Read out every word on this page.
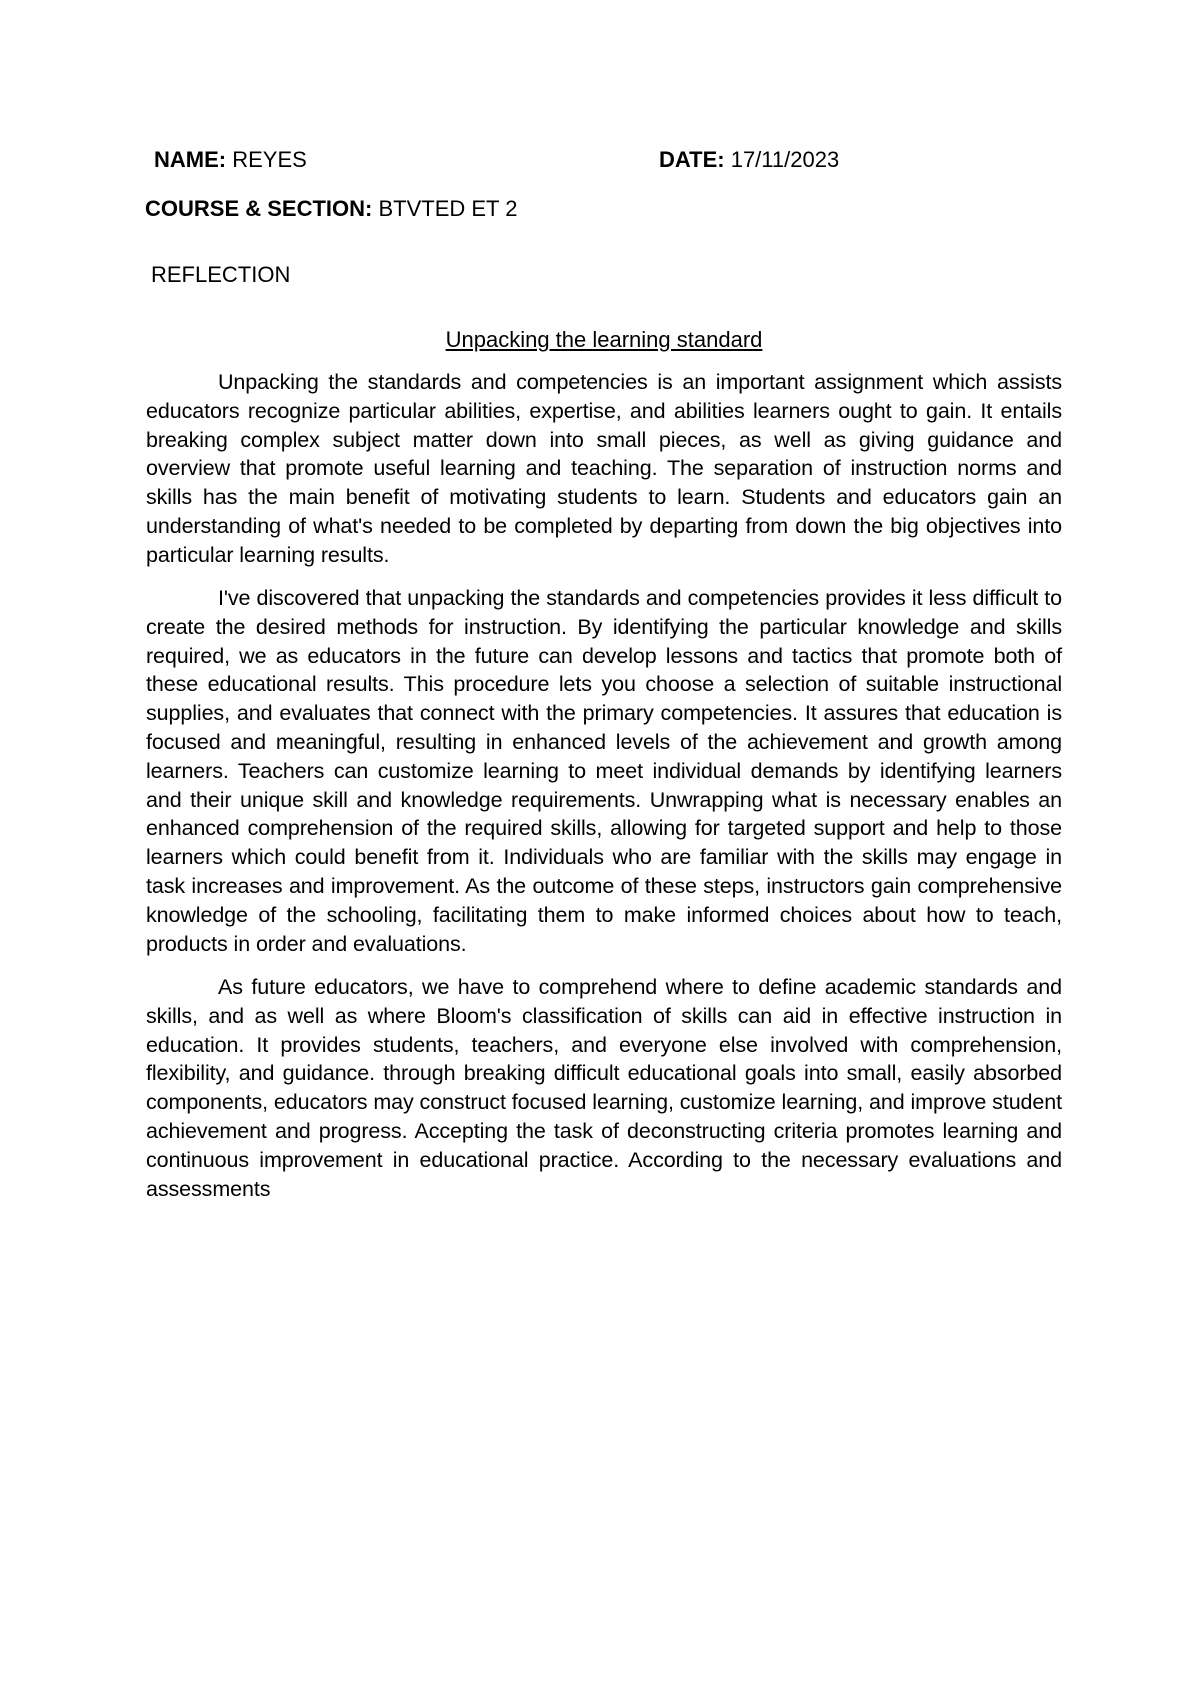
NAME: REYES	DATE: 17/11/2023
COURSE & SECTION: BTVTED ET 2
REFLECTION
Unpacking the learning standard

Unpacking the standards and competencies is an important assignment which assists educators recognize particular abilities, expertise, and abilities learners ought to gain. It entails breaking complex subject matter down into small pieces, as well as giving guidance and overview that promote useful learning and teaching. The separation of instruction norms and skills has the main benefit of motivating students to learn. Students and educators gain an understanding of what's needed to be completed by departing from down the big objectives into particular learning results.

I've discovered that unpacking the standards and competencies provides it less difficult to create the desired methods for instruction. By identifying the particular knowledge and skills required, we as educators in the future can develop lessons and tactics that promote both of these educational results. This procedure lets you choose a selection of suitable instructional supplies, and evaluates that connect with the primary competencies. It assures that education is focused and meaningful, resulting in enhanced levels of the achievement and growth among learners. Teachers can customize learning to meet individual demands by identifying learners and their unique skill and knowledge requirements. Unwrapping what is necessary enables an enhanced comprehension of the required skills, allowing for targeted support and help to those learners which could benefit from it. Individuals who are familiar with the skills may engage in task increases and improvement. As the outcome of these steps, instructors gain comprehensive knowledge of the schooling, facilitating them to make informed choices about how to teach, products in order and evaluations.

As future educators, we have to comprehend where to define academic standards and skills, and as well as where Bloom's classification of skills can aid in effective instruction in education. It provides students, teachers, and everyone else involved with comprehension, flexibility, and guidance. through breaking difficult educational goals into small, easily absorbed components, educators may construct focused learning, customize learning, and improve student achievement and progress. Accepting the task of deconstructing criteria promotes learning and continuous improvement in educational practice. According to the necessary evaluations and assessments
